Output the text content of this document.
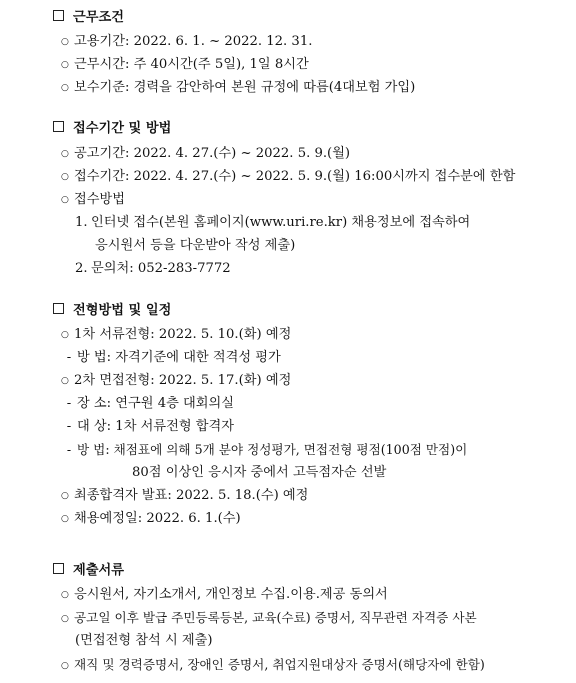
근무조건
○ 고용기간: 2022. 6. 1. ~ 2022. 12. 31.
○ 근무시간: 주 40시간(주 5일), 1일 8시간
○ 보수기준: 경력을 감안하여 본원 규정에 따름(4대보험 가입)
접수기간 및 방법
○ 공고기간: 2022. 4. 27.(수) ~ 2022. 5. 9.(월)
○ 접수기간: 2022. 4. 27.(수) ~ 2022. 5. 9.(월) 16:00시까지 접수분에 한함
○ 접수방법
1. 인터넷 접수(본원 홈페이지(www.uri.re.kr) 채용정보에 접속하여
응시원서 등을 다운받아 작성 제출)
2. 문의처: 052-283-7772
전형방법 및 일정
○ 1차 서류전형: 2022. 5. 10.(화) 예정
- 방 법: 자격기준에 대한 적격성 평가
○ 2차 면접전형: 2022. 5. 17.(화) 예정
- 장 소: 연구원 4층 대회의실
- 대 상: 1차 서류전형 합격자
- 방 법: 채점표에 의해 5개 분야 정성평가, 면접전형 평점(100점 만점)이
80점 이상인 응시자 중에서 고득점자순 선발
○ 최종합격자 발표: 2022. 5. 18.(수) 예정
○ 채용예정일: 2022. 6. 1.(수)
제출서류
○ 응시원서, 자기소개서, 개인정보 수집.이용.제공 동의서
○ 공고일 이후 발급 주민등록등본, 교육(수료) 증명서, 직무관련 자격증 사본
(면접전형 참석 시 제출)
○ 재직 및 경력증명서, 장애인 증명서, 취업지원대상자 증명서(해당자에 한함)
